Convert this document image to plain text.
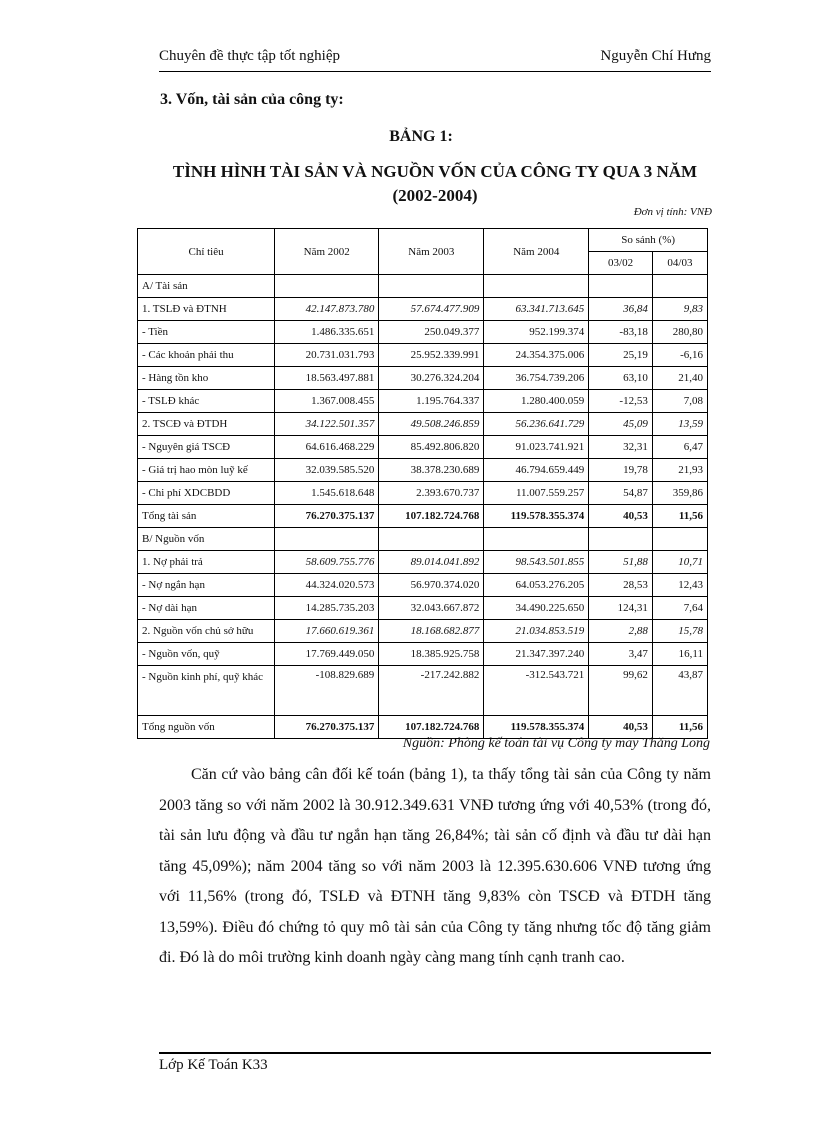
Chuyên đề thực tập tốt nghiệp	Nguyễn Chí Hưng
3. Vốn, tài sản của công ty:
BẢNG 1:
TÌNH HÌNH TÀI SẢN VÀ NGUỒN VỐN CỦA CÔNG TY QUA 3 NĂM
(2002-2004)
Đơn vị tính: VNĐ
Chỉ tiêu	Năm 2002	Năm 2003	Năm 2004	So sánh (%)	
				03/02	04/03
A/ Tài sản					
1. TSLĐ và ĐTNH	42.147.873.780	57.674.477.909	63.341.713.645	36,84	9,83
- Tiền	1.486.335.651	250.049.377	952.199.374	-83,18	280,80
- Các khoản phải thu	20.731.031.793	25.952.339.991	24.354.375.006	25,19	-6,16
- Hàng tồn kho	18.563.497.881	30.276.324.204	36.754.739.206	63,10	21,40
- TSLĐ khác	1.367.008.455	1.195.764.337	1.280.400.059	-12,53	7,08
2. TSCĐ và ĐTDH	34.122.501.357	49.508.246.859	56.236.641.729	45,09	13,59
- Nguyên giá TSCĐ	64.616.468.229	85.492.806.820	91.023.741.921	32,31	6,47
- Giá trị hao mòn luỹ kế	32.039.585.520	38.378.230.689	46.794.659.449	19,78	21,93
- Chi phí XDCBDD	1.545.618.648	2.393.670.737	11.007.559.257	54,87	359,86
Tổng tài sản	76.270.375.137	107.182.724.768	119.578.355.374	40,53	11,56
B/ Nguồn vốn					
1. Nợ phải trả	58.609.755.776	89.014.041.892	98.543.501.855	51,88	10,71
- Nợ ngắn hạn	44.324.020.573	56.970.374.020	64.053.276.205	28,53	12,43
- Nợ dài hạn	14.285.735.203	32.043.667.872	34.490.225.650	124,31	7,64
2. Nguồn vốn chủ sở hữu	17.660.619.361	18.168.682.877	21.034.853.519	2,88	15,78
- Nguồn vốn, quỹ	17.769.449.050	18.385.925.758	21.347.397.240	3,47	16,11
- Nguồn kinh phí, quỹ khác	-108.829.689	-217.242.882	-312.543.721	99,62	43,87
Tổng nguồn vốn	76.270.375.137	107.182.724.768	119.578.355.374	40,53	11,56
Nguồn: Phòng kế toán tài vụ Công ty may Thăng Long

Căn cứ vào bảng cân đối kế toán (bảng 1), ta thấy tổng tài sản của Công ty năm 2003 tăng so với năm 2002 là 30.912.349.631 VNĐ tương ứng với 40,53% (trong đó, tài sản lưu động và đầu tư ngắn hạn tăng 26,84%; tài sản cố định và đầu tư dài hạn tăng 45,09%); năm 2004 tăng so với năm 2003 là 12.395.630.606 VNĐ tương ứng với 11,56% (trong đó, TSLĐ và ĐTNH tăng 9,83% còn TSCĐ và ĐTDH tăng 13,59%). Điều đó chứng tỏ quy mô tài sản của Công ty tăng nhưng tốc độ tăng giảm đi. Đó là do môi trường kinh doanh ngày càng mang tính cạnh tranh cao.

Lớp Kế Toán K33
